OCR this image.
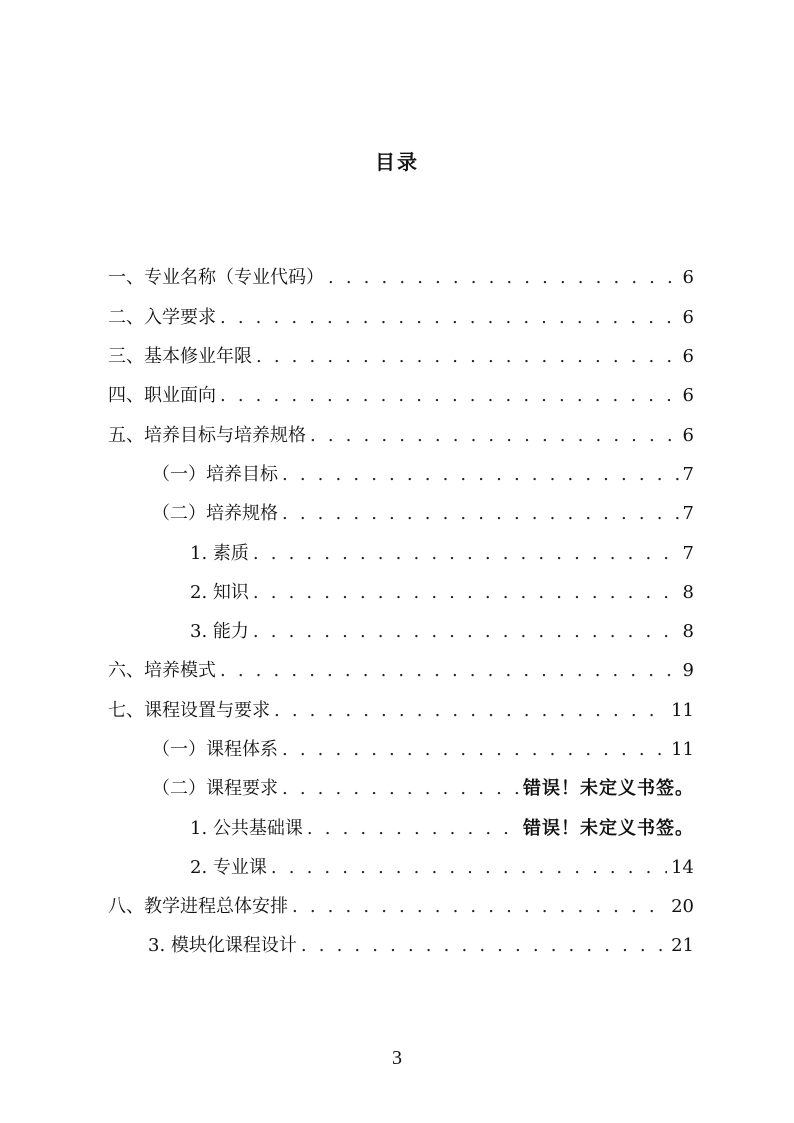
目录
一、专业名称（专业代码） . . .	6
二、入学要求 . . .	6
三、基本修业年限 . . .	6
四、职业面向 . . .	6
五、培养目标与培养规格 . . .	6
（一）培养目标 . . .	7
（二）培养规格 . . .	7
1. 素质 . . .	7
2. 知识 . . .	8
3. 能力 . . .	8
六、培养模式 . . .	9
七、课程设置与要求 . . .	11
（一）课程体系 . . .	11
（二）课程要求 . . .	错误！未定义书签。
1. 公共基础课 . . .	错误！未定义书签。
2. 专业课 . . .	14
八、教学进程总体安排 . . .	20
3. 模块化课程设计 . . .	21
3
